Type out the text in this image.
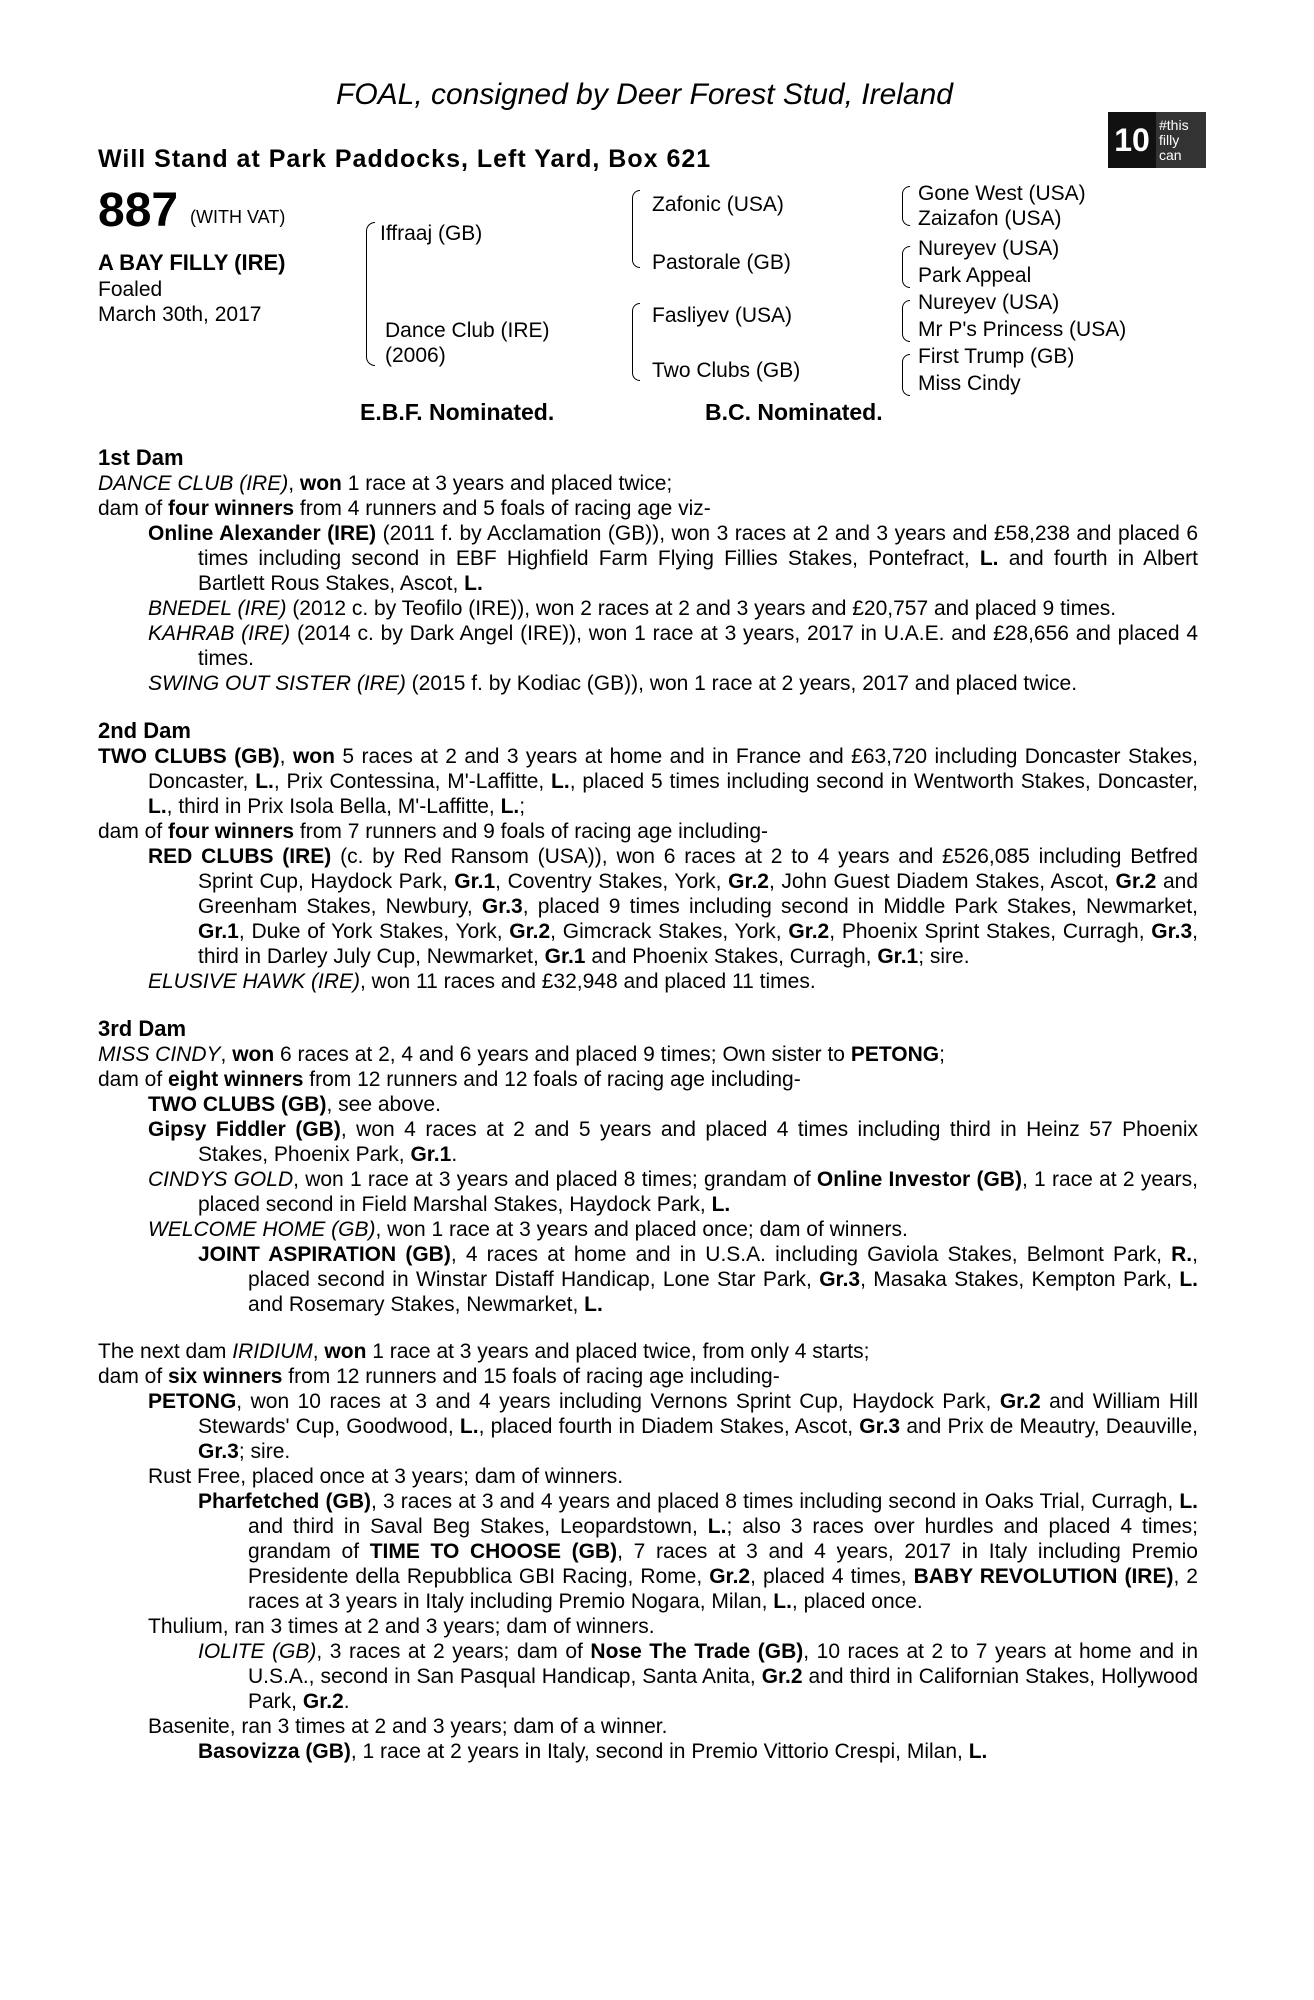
FOAL, consigned by Deer Forest Stud, Ireland
Will Stand at Park Paddocks, Left Yard, Box 621
10 #this
filly
can
887 (WITH VAT)
A BAY FILLY (IRE)
Foaled
March 30th, 2017
Iffraaj (GB)
Dance Club (IRE)
(2006)
Zafonic (USA)
Pastorale (GB)
Fasliyev (USA)
Two Clubs (GB)
Gone West (USA)
Zaizafon (USA)
Nureyev (USA)
Park Appeal
Nureyev (USA)
Mr P's Princess (USA)
First Trump (GB)
Miss Cindy
E.B.F. Nominated.	B.C. Nominated.
1st Dam

DANCE CLUB (IRE), won 1 race at 3 years and placed twice;

dam of four winners from 4 runners and 5 foals of racing age viz-

Online Alexander (IRE) (2011 f. by Acclamation (GB)), won 3 races at 2 and 3 years and £58,238 and placed 6 times including second in EBF Highfield Farm Flying Fillies Stakes, Pontefract, L. and fourth in Albert Bartlett Rous Stakes, Ascot, L.

BNEDEL (IRE) (2012 c. by Teofilo (IRE)), won 2 races at 2 and 3 years and £20,757 and placed 9 times.

KAHRAB (IRE) (2014 c. by Dark Angel (IRE)), won 1 race at 3 years, 2017 in U.A.E. and £28,656 and placed 4 times.

SWING OUT SISTER (IRE) (2015 f. by Kodiac (GB)), won 1 race at 2 years, 2017 and placed twice.

2nd Dam

TWO CLUBS (GB), won 5 races at 2 and 3 years at home and in France and £63,720 including Doncaster Stakes, Doncaster, L., Prix Contessina, M'-Laffitte, L., placed 5 times including second in Wentworth Stakes, Doncaster, L., third in Prix Isola Bella, M'-Laffitte, L.;

dam of four winners from 7 runners and 9 foals of racing age including-

RED CLUBS (IRE) (c. by Red Ransom (USA)), won 6 races at 2 to 4 years and £526,085 including Betfred Sprint Cup, Haydock Park, Gr.1, Coventry Stakes, York, Gr.2, John Guest Diadem Stakes, Ascot, Gr.2 and Greenham Stakes, Newbury, Gr.3, placed 9 times including second in Middle Park Stakes, Newmarket, Gr.1, Duke of York Stakes, York, Gr.2, Gimcrack Stakes, York, Gr.2, Phoenix Sprint Stakes, Curragh, Gr.3, third in Darley July Cup, Newmarket, Gr.1 and Phoenix Stakes, Curragh, Gr.1; sire.

ELUSIVE HAWK (IRE), won 11 races and £32,948 and placed 11 times.

3rd Dam

MISS CINDY, won 6 races at 2, 4 and 6 years and placed 9 times; Own sister to PETONG;

dam of eight winners from 12 runners and 12 foals of racing age including-

TWO CLUBS (GB), see above.

Gipsy Fiddler (GB), won 4 races at 2 and 5 years and placed 4 times including third in Heinz 57 Phoenix Stakes, Phoenix Park, Gr.1.

CINDYS GOLD, won 1 race at 3 years and placed 8 times; grandam of Online Investor (GB), 1 race at 2 years, placed second in Field Marshal Stakes, Haydock Park, L.

WELCOME HOME (GB), won 1 race at 3 years and placed once; dam of winners.

JOINT ASPIRATION (GB), 4 races at home and in U.S.A. including Gaviola Stakes, Belmont Park, R., placed second in Winstar Distaff Handicap, Lone Star Park, Gr.3, Masaka Stakes, Kempton Park, L. and Rosemary Stakes, Newmarket, L.

The next dam IRIDIUM, won 1 race at 3 years and placed twice, from only 4 starts;

dam of six winners from 12 runners and 15 foals of racing age including-

PETONG, won 10 races at 3 and 4 years including Vernons Sprint Cup, Haydock Park, Gr.2 and William Hill Stewards' Cup, Goodwood, L., placed fourth in Diadem Stakes, Ascot, Gr.3 and Prix de Meautry, Deauville, Gr.3; sire.

Rust Free, placed once at 3 years; dam of winners.

Pharfetched (GB), 3 races at 3 and 4 years and placed 8 times including second in Oaks Trial, Curragh, L. and third in Saval Beg Stakes, Leopardstown, L.; also 3 races over hurdles and placed 4 times; grandam of TIME TO CHOOSE (GB), 7 races at 3 and 4 years, 2017 in Italy including Premio Presidente della Repubblica GBI Racing, Rome, Gr.2, placed 4 times, BABY REVOLUTION (IRE), 2 races at 3 years in Italy including Premio Nogara, Milan, L., placed once.

Thulium, ran 3 times at 2 and 3 years; dam of winners.

IOLITE (GB), 3 races at 2 years; dam of Nose The Trade (GB), 10 races at 2 to 7 years at home and in U.S.A., second in San Pasqual Handicap, Santa Anita, Gr.2 and third in Californian Stakes, Hollywood Park, Gr.2.

Basenite, ran 3 times at 2 and 3 years; dam of a winner.

Basovizza (GB), 1 race at 2 years in Italy, second in Premio Vittorio Crespi, Milan, L.
